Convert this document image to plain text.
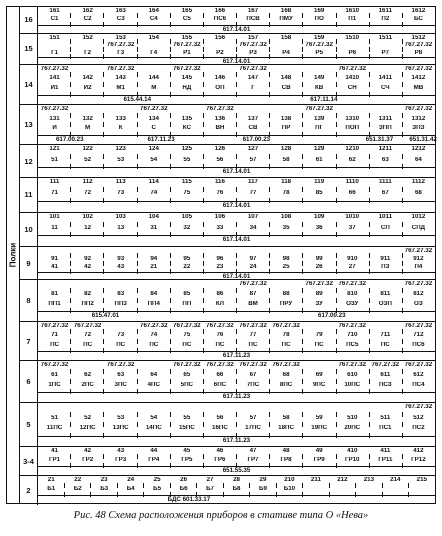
Полки
16
161	162	163	164	165	166	167	168	169	1610	1611	1612
С1	С2	С3	С4	С5	ПС6	ПСВ	ПМУ	ПО	П1	П2	БС
617.14.01
15
151	152	153	154	155	156	157	158	159	1510	1511	1512
767.27.32	767.27.32	767.27.32	767.27.32	767.27.32
Г1	Г2	Г3	Г4	Р1	Р2	Р3	Р4	Р5	Р6	Р7	Р8
617.14.01
14
767.27.32	767.27.32	767.27.32	767.27.32	767.27.32	767.27.32
141	142	143	144	145	146	147	148	149	1410	1411	1412
И1	И2	М1	М	НД	ОП	Г	СВ	КВ	СН	СЧ	МВ
615.44.14	617.11.14
13
767.27.32	767.27.32	767.27.32	767.27.32	767.27.32
131	132	133	134	135	136	137	138	139	1310	1311	1312
И	М	К	С	КС	ВН	СВ	ПР	ПГ	ПОП	ЗПП	ЗПЗ
617.00.23	617.11.23	617.00.23	651.31.37	651.31.42
12
121	122	123	124	125	126	127	128	129	1210	1211	1212
51	52	53	54	55	56	57	58	61	62	63	64
617.14.01
11
111	112	113	114	115	116	117	118	119	1110	1111	1112
71	72	73	74	75	76	77	78	85	66	67	68
617.14.01
10
101	102	103	104	105	106	107	108	109	1010	1011	1012
11	12	13	31	32	33	34	35	36	37	СП	СПД
617.14.01
9
767.27.32
91	92	93	94	95	96	97	98	99	910	911	912
41	42	43	21	22	23	24	25	26	27	ПЗ	П4
617.14.01
8
767.27.32	767.27.32 767.27.32	767.27.32
81	82	83	84	85	86	87	88	89	810	811	812
ПП1	ПП2	ПП3	ПП4	ПП	КЛ	ВМ	ПРУ	ЗУ	ОЗУ	ОЗП	ОЗ
615.47.01	617.00.23
7
767.27.32 767.27.32	767.27.32 767.27.32 767.27.32 767.27.32 767.27.32	767.27.32	767.27.32
71	72	73	74	75	76	77	78	79	710	711	712
ПС	ПС	ПС	ПС	ПС	ПС	ПС	ПС	ПС	ПС5	ПС	ПС6
617.11.23
6
767.27.32	767.27.32	767.27.32 767.27.32 767.27.32 767.27.32	767.27.32 767.27.32 767.27.32
61	62	63	64	65	66	67	68	69	610	611	612
1ПС	2ПС	3ПС	4ПС	5ПС	6ПС	7ПС	8ПС	9ПС	10ПС	ПСЗ	ПС4
617.11.23
5
767.27.32
51	52	53	54	55	56	57	58	59	510	511	512
11ПС	12ПС	13ПС	14ПС	15ПС	16ПС	17ПС	18ПС	19ПС	20ПС	ПС1	ПС2
617.11.23
3-4
41	42	43	44	45	46	47	48	49	410	411	412
ГР1	ГР2	ГР3	ГР4	ГР5	ГР6	ГР7	ГР8	ГР9	ГР10	ГР11	ГР12
651.55.35
2
21	22	23	24	25	26	27	28	29	210	211	212	213	214	215
Б1	Б2	Б3	Б4	Б5	Б6	Б7	Б8	Б9	Б10
БДС 601.33.17
Рис. 48 Схема расположения приборов в стативе типа О «Нева»
